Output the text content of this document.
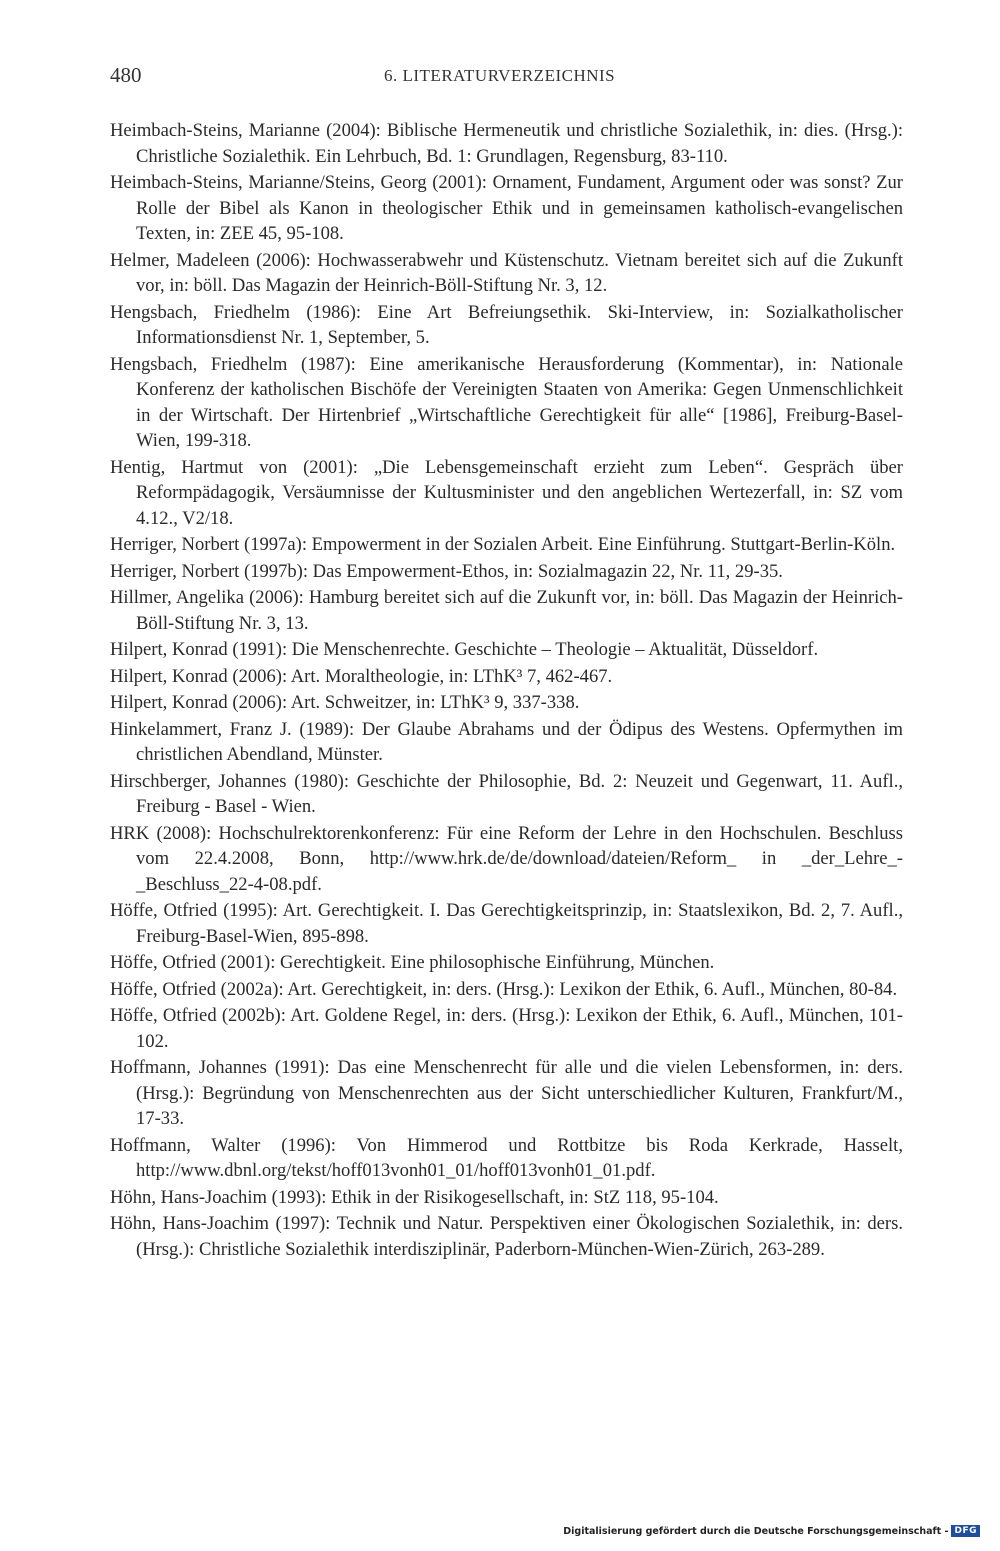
480	6. LITERATURVERZEICHNIS
Heimbach-Steins, Marianne (2004): Biblische Hermeneutik und christliche Sozialethik, in: dies. (Hrsg.): Christliche Sozialethik. Ein Lehrbuch, Bd. 1: Grundlagen, Regensburg, 83-110.
Heimbach-Steins, Marianne/Steins, Georg (2001): Ornament, Fundament, Argument oder was sonst? Zur Rolle der Bibel als Kanon in theologischer Ethik und in gemeinsamen katholisch-evangelischen Texten, in: ZEE 45, 95-108.
Helmer, Madeleen (2006): Hochwasserabwehr und Küstenschutz. Vietnam bereitet sich auf die Zukunft vor, in: böll. Das Magazin der Heinrich-Böll-Stiftung Nr. 3, 12.
Hengsbach, Friedhelm (1986): Eine Art Befreiungsethik. Ski-Interview, in: Sozialkatholischer Informationsdienst Nr. 1, September, 5.
Hengsbach, Friedhelm (1987): Eine amerikanische Herausforderung (Kommentar), in: Nationale Konferenz der katholischen Bischöfe der Vereinigten Staaten von Amerika: Gegen Unmenschlichkeit in der Wirtschaft. Der Hirtenbrief „Wirtschaftliche Gerechtigkeit für alle“ [1986], Freiburg-Basel-Wien, 199-318.
Hentig, Hartmut von (2001): „Die Lebensgemeinschaft erzieht zum Leben“. Gespräch über Reformpädagogik, Versäumnisse der Kultusminister und den angeblichen Wertezerfall, in: SZ vom 4.12., V2/18.
Herriger, Norbert (1997a): Empowerment in der Sozialen Arbeit. Eine Einführung. Stuttgart-Berlin-Köln.
Herriger, Norbert (1997b): Das Empowerment-Ethos, in: Sozialmagazin 22, Nr. 11, 29-35.
Hillmer, Angelika (2006): Hamburg bereitet sich auf die Zukunft vor, in: böll. Das Magazin der Heinrich-Böll-Stiftung Nr. 3, 13.
Hilpert, Konrad (1991): Die Menschenrechte. Geschichte – Theologie – Aktualität, Düsseldorf.
Hilpert, Konrad (2006): Art. Moraltheologie, in: LThK³ 7, 462-467.
Hilpert, Konrad (2006): Art. Schweitzer, in: LThK³ 9, 337-338.
Hinkelammert, Franz J. (1989): Der Glaube Abrahams und der Ödipus des Westens. Opfermythen im christlichen Abendland, Münster.
Hirschberger, Johannes (1980): Geschichte der Philosophie, Bd. 2: Neuzeit und Gegenwart, 11. Aufl., Freiburg - Basel - Wien.
HRK (2008): Hochschulrektorenkonferenz: Für eine Reform der Lehre in den Hochschulen. Beschluss vom 22.4.2008, Bonn, http://www.hrk.de/de/download/dateien/Reform_ in _der_Lehre_-_Beschluss_22-4-08.pdf.
Höffe, Otfried (1995): Art. Gerechtigkeit. I. Das Gerechtigkeitsprinzip, in: Staatslexikon, Bd. 2, 7. Aufl., Freiburg-Basel-Wien, 895-898.
Höffe, Otfried (2001): Gerechtigkeit. Eine philosophische Einführung, München.
Höffe, Otfried (2002a): Art. Gerechtigkeit, in: ders. (Hrsg.): Lexikon der Ethik, 6. Aufl., München, 80-84.
Höffe, Otfried (2002b): Art. Goldene Regel, in: ders. (Hrsg.): Lexikon der Ethik, 6. Aufl., München, 101-102.
Hoffmann, Johannes (1991): Das eine Menschenrecht für alle und die vielen Lebensformen, in: ders. (Hrsg.): Begründung von Menschenrechten aus der Sicht unterschiedlicher Kulturen, Frankfurt/M., 17-33.
Hoffmann, Walter (1996): Von Himmerod und Rottbitze bis Roda Kerkrade, Hasselt, http://www.dbnl.org/tekst/hoff013vonh01_01/hoff013vonh01_01.pdf.
Höhn, Hans-Joachim (1993): Ethik in der Risikogesellschaft, in: StZ 118, 95-104.
Höhn, Hans-Joachim (1997): Technik und Natur. Perspektiven einer Ökologischen Sozialethik, in: ders. (Hrsg.): Christliche Sozialethik interdisziplinär, Paderborn-München-Wien-Zürich, 263-289.
Digitalisierung gefördert durch die Deutsche Forschungsgemeinschaft - DFG
